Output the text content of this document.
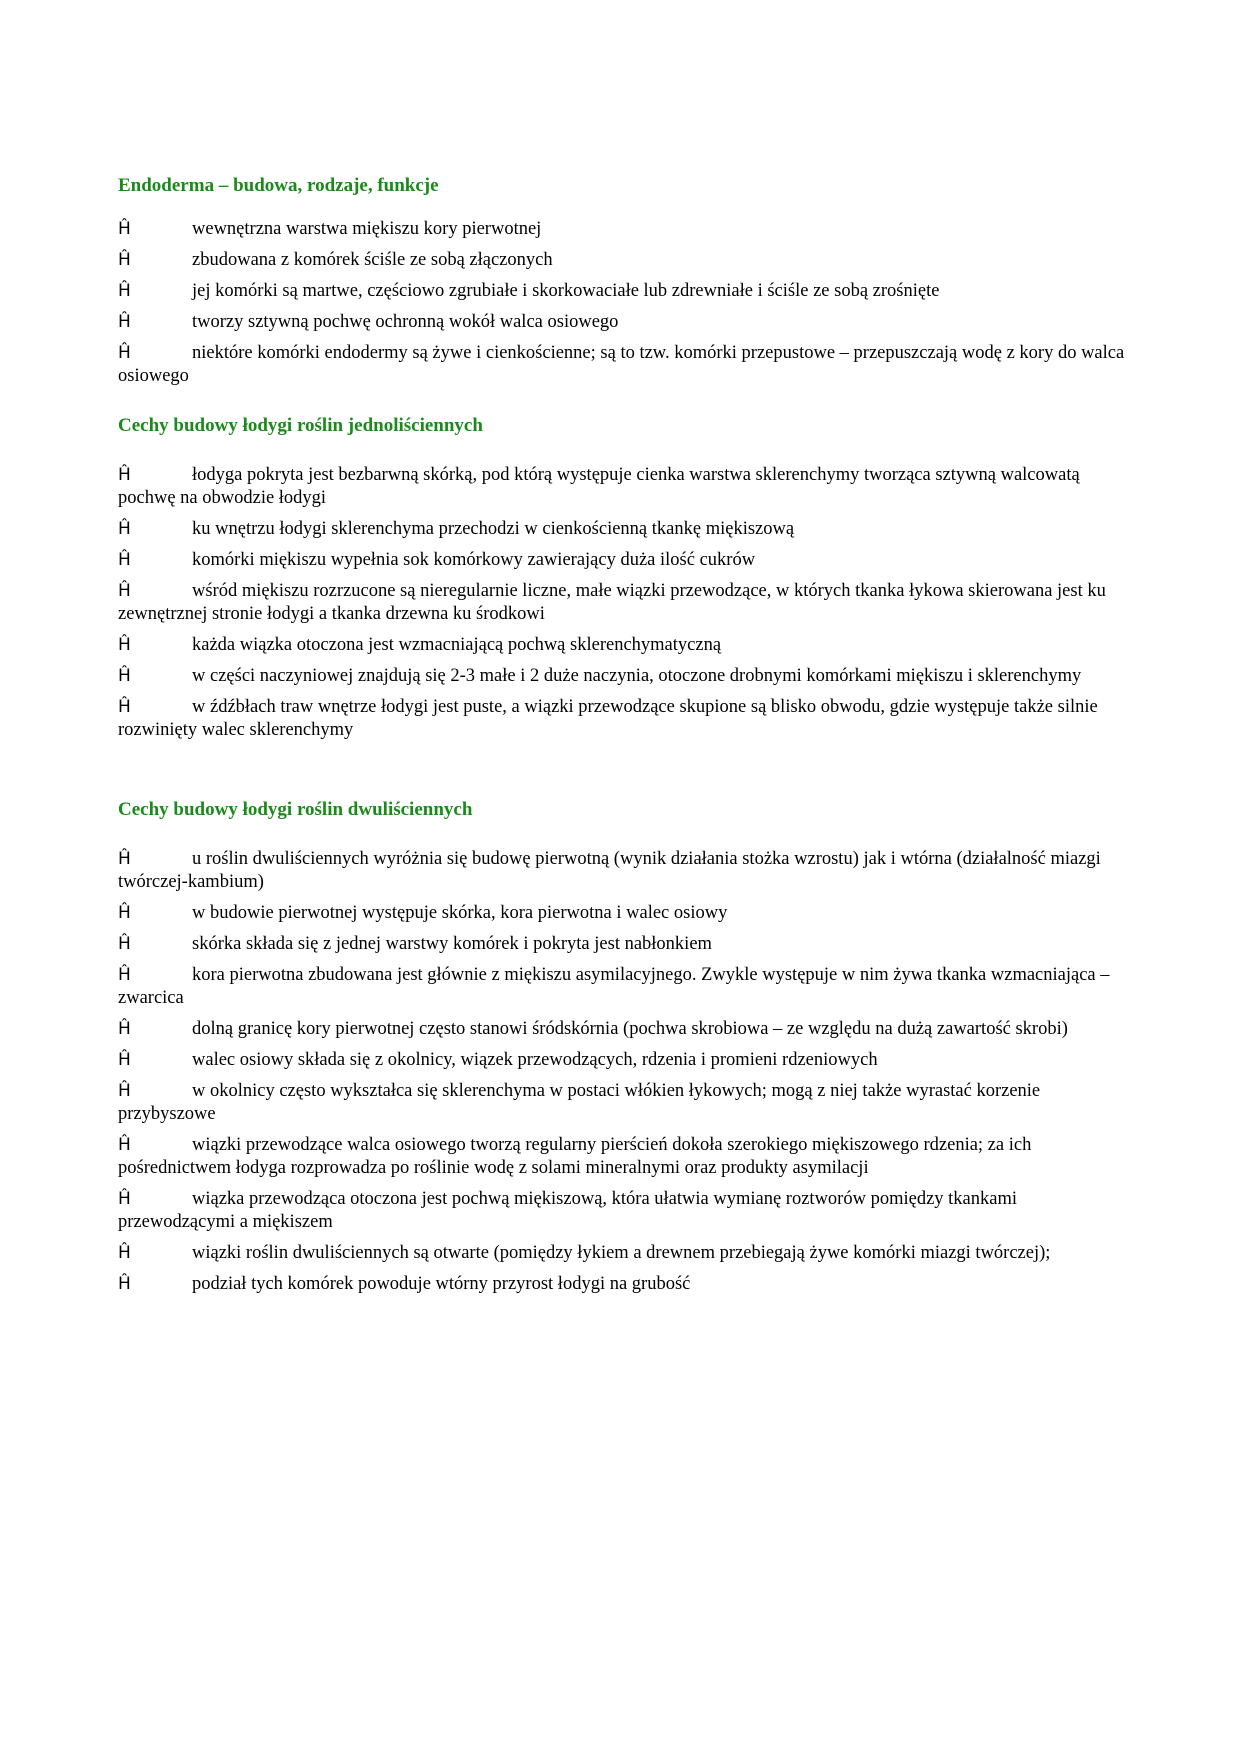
Endoderma – budowa, rodzaje, funkcje

Ĥ	wewnętrzna warstwa miękiszu kory pierwotnej
Ĥ	zbudowana z komórek ściśle ze sobą złączonych
Ĥ	jej komórki są martwe, częściowo zgrubiałe i skorkowaciałe lub zdrewniałe i ściśle ze sobą zrośnięte
Ĥ	tworzy sztywną pochwę ochronną wokół walca osiowego
Ĥ	niektóre komórki endodermy są żywe i cienkościenne; są to tzw. komórki przepustowe – przepuszczają wodę z kory do walca osiowego

Cechy budowy łodygi roślin jednoliściennych

Ĥ	łodyga pokryta jest bezbarwną skórką, pod którą występuje cienka warstwa sklerenchymy tworząca sztywną walcowatą pochwę na obwodzie łodygi
Ĥ	ku wnętrzu łodygi sklerenchyma przechodzi w cienkościenną tkankę miękiszową
Ĥ	komórki miękiszu wypełnia sok komórkowy zawierający duża ilość cukrów
Ĥ	wśród miękiszu rozrzucone są nieregularnie liczne, małe wiązki przewodzące, w których tkanka łykowa skierowana jest ku zewnętrznej stronie łodygi a tkanka drzewna ku środkowi
Ĥ	każda wiązka otoczona jest wzmacniającą pochwą sklerenchymatyczną
Ĥ	w części naczyniowej znajdują się 2-3 małe i 2 duże naczynia, otoczone drobnymi komórkami miękiszu i sklerenchymy
Ĥ	w źdźbłach traw wnętrze łodygi jest puste, a wiązki przewodzące skupione są blisko obwodu, gdzie występuje także silnie rozwinięty walec sklerenchymy

Cechy budowy łodygi roślin dwuliściennych

Ĥ	u roślin dwuliściennych wyróżnia się budowę pierwotną (wynik działania stożka wzrostu) jak i wtórna (działalność miazgi twórczej-kambium)
Ĥ	w budowie pierwotnej występuje skórka, kora pierwotna i walec osiowy
Ĥ	skórka składa się z jednej warstwy komórek i pokryta jest nabłonkiem
Ĥ	kora pierwotna zbudowana jest głównie z miękiszu asymilacyjnego. Zwykle występuje w nim żywa tkanka wzmacniająca – zwarcica
Ĥ	dolną granicę kory pierwotnej często stanowi śródskórnia (pochwa skrobiowa – ze względu na dużą zawartość skrobi)
Ĥ	walec osiowy składa się z okolnicy, wiązek przewodzących, rdzenia i promieni rdzeniowych
Ĥ	w okolnicy często wykształca się sklerenchyma w postaci włókien łykowych; mogą z niej także wyrastać korzenie przybyszowe
Ĥ	wiązki przewodzące walca osiowego tworzą regularny pierścień dokoła szerokiego miękiszowego rdzenia; za ich pośrednictwem łodyga rozprowadza po roślinie wodę z solami mineralnymi oraz produkty asymilacji
Ĥ	wiązka przewodząca otoczona jest pochwą miękiszową, która ułatwia wymianę roztworów pomiędzy tkankami przewodzącymi a miękiszem
Ĥ	wiązki roślin dwuliściennych są otwarte (pomiędzy łykiem a drewnem przebiegają żywe komórki miazgi twórczej);
Ĥ	podział tych komórek powoduje wtórny przyrost łodygi na grubość
